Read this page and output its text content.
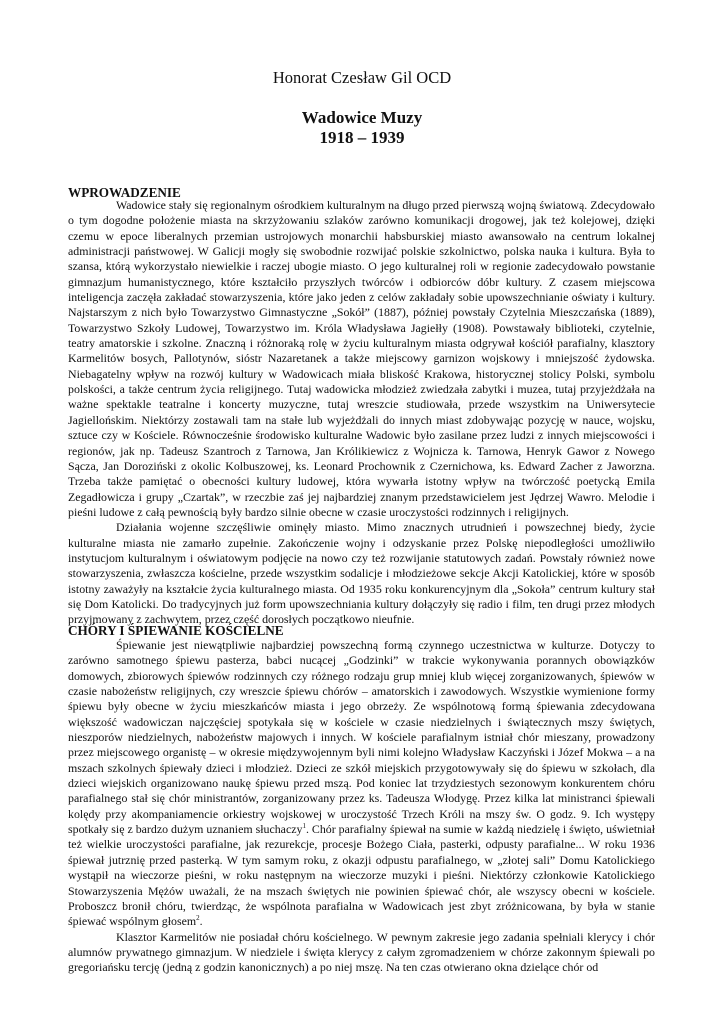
Honorat Czesław Gil OCD
Wadowice Muzy
1918 – 1939
WPROWADZENIE

Wadowice stały się regionalnym ośrodkiem kulturalnym na długo przed pierwszą wojną światową. Zdecydowało o tym dogodne położenie miasta na skrzyżowaniu szlaków zarówno komunikacji drogowej, jak też kolejowej, dzięki czemu w epoce liberalnych przemian ustrojowych monarchii habsburskiej miasto awansowało na centrum lokalnej administracji państwowej. W Galicji mogły się swobodnie rozwijać polskie szkolnictwo, polska nauka i kultura. Była to szansa, którą wykorzystało niewielkie i raczej ubogie miasto. O jego kulturalnej roli w regionie zadecydowało powstanie gimnazjum humanistycznego, które kształciło przyszłych twórców i odbiorców dóbr kultury. Z czasem miejscowa inteligencja zaczęła zakładać stowarzyszenia, które jako jeden z celów zakładały sobie upowszechnianie oświaty i kultury. Najstarszym z nich było Towarzystwo Gimnastyczne „Sokół” (1887), później powstały Czytelnia Mieszczańska (1889), Towarzystwo Szkoły Ludowej, Towarzystwo im. Króla Władysława Jagiełły (1908). Powstawały biblioteki, czytelnie, teatry amatorskie i szkolne. Znaczną i różnoraką rolę w życiu kulturalnym miasta odgrywał kościół parafialny, klasztory Karmelitów bosych, Pallotynów, sióstr Nazaretanek a także miejscowy garnizon wojskowy i mniejszość żydowska. Niebagatelny wpływ na rozwój kultury w Wadowicach miała bliskość Krakowa, historycznej stolicy Polski, symbolu polskości, a także centrum życia religijnego. Tutaj wadowicka młodzież zwiedzała zabytki i muzea, tutaj przyjeżdżała na ważne spektakle teatralne i koncerty muzyczne, tutaj wreszcie studiowała, przede wszystkim na Uniwersytecie Jagiellońskim. Niektórzy zostawali tam na stałe lub wyjeżdżali do innych miast zdobywając pozycję w nauce, wojsku, sztuce czy w Kościele. Równocześnie środowisko kulturalne Wadowic było zasilane przez ludzi z innych miejscowości i regionów, jak np. Tadeusz Szantroch z Tarnowa, Jan Królikiewicz z Wojnicza k. Tarnowa, Henryk Gawor z Nowego Sącza, Jan Doroziński z okolic Kolbuszowej, ks. Leonard Prochownik z Czernichowa, ks. Edward Zacher z Jaworzna. Trzeba także pamiętać o obecności kultury ludowej, która wywarła istotny wpływ na twórczość poetycką Emila Zegadłowicza i grupy „Czartak”, w rzeczbie zaś jej najbardziej znanym przedstawicielem jest Jędrzej Wawro. Melodie i pieśni ludowe z całą pewnością były bardzo silnie obecne w czasie uroczystości rodzinnych i religijnych.

Działania wojenne szczęśliwie ominęły miasto. Mimo znacznych utrudnień i powszechnej biedy, życie kulturalne miasta nie zamarło zupełnie. Zakończenie wojny i odzyskanie przez Polskę niepodległości umożliwiło instytucjom kulturalnym i oświatowym podjęcie na nowo czy też rozwijanie statutowych zadań. Powstały również nowe stowarzyszenia, zwłaszcza kościelne, przede wszystkim sodalicje i młodzieżowe sekcje Akcji Katolickiej, które w sposób istotny zaważyły na kształcie życia kulturalnego miasta. Od 1935 roku konkurencyjnym dla „Sokoła” centrum kultury stał się Dom Katolicki. Do tradycyjnych już form upowszechniania kultury dołączyły się radio i film, ten drugi przez młodych przyjmowany z zachwytem, przez część dorosłych początkowo nieufnie.

CHÓRY I ŚPIEWANIE KOŚCIELNE

Śpiewanie jest niewątpliwie najbardziej powszechną formą czynnego uczestnictwa w kulturze. Dotyczy to zarówno samotnego śpiewu pasterza, babci nucącej „Godzinki” w trakcie wykonywania porannych obowiązków domowych, zbiorowych śpiewów rodzinnych czy różnego rodzaju grup mniej klub więcej zorganizowanych, śpiewów w czasie nabożeństw religijnych, czy wreszcie śpiewu chórów – amatorskich i zawodowych. Wszystkie wymienione formy śpiewu były obecne w życiu mieszkańców miasta i jego obrzeży. Ze wspólnotową formą śpiewania zdecydowana większość wadowiczan najczęściej spotykała się w kościele w czasie niedzielnych i świątecznych mszy świętych, nieszporów niedzielnych, nabożeństw majowych i innych. W kościele parafialnym istniał chór mieszany, prowadzony przez miejscowego organistę – w okresie międzywojennym byli nimi kolejno Władysław Kaczyński i Józef Mokwa – a na mszach szkolnych śpiewały dzieci i młodzież. Dzieci ze szkół miejskich przygotowywały się do śpiewu w szkołach, dla dzieci wiejskich organizowano naukę śpiewu przed mszą. Pod koniec lat trzydziestych sezonowym konkurentem chóru parafialnego stał się chór ministrantów, zorganizowany przez ks. Tadeusza Włodygę. Przez kilka lat ministranci śpiewali kolędy przy akompaniamencie orkiestry wojskowej w uroczystość Trzech Króli na mszy św. O godz. 9. Ich występy spotkały się z bardzo dużym uznaniem słuchaczy$^1$. Chór parafialny śpiewał na sumie w każdą niedzielę i święto, uświetniał też wielkie uroczystości parafialne, jak rezurekcje, procesje Bożego Ciała, pasterki, odpusty parafialne... W roku 1936 śpiewał jutrznię przed pasterką. W tym samym roku, z okazji odpustu parafialnego, w „złotej sali” Domu Katolickiego wystąpił na wieczorze pieśni, w roku następnym na wieczorze muzyki i pieśni. Niektórzy członkowie Katolickiego Stowarzyszenia Mężów uważali, że na mszach świętych nie powinien śpiewać chór, ale wszyscy obecni w kościele. Proboszcz bronił chóru, twierdząc, że wspólnota parafialna w Wadowicach jest zbyt zróżnicowana, by była w stanie śpiewać wspólnym głosem$^2$.

Klasztor Karmelitów nie posiadał chóru kościelnego. W pewnym zakresie jego zadania spełniali klerycy i chór alumnów prywatnego gimnazjum. W niedziele i święta klerycy z całym zgromadzeniem w chórze zakonnym śpiewali po gregoriańsku tercję (jedną z godzin kanonicznych) a po niej mszę. Na ten czas otwierano okna dzielące chór od
